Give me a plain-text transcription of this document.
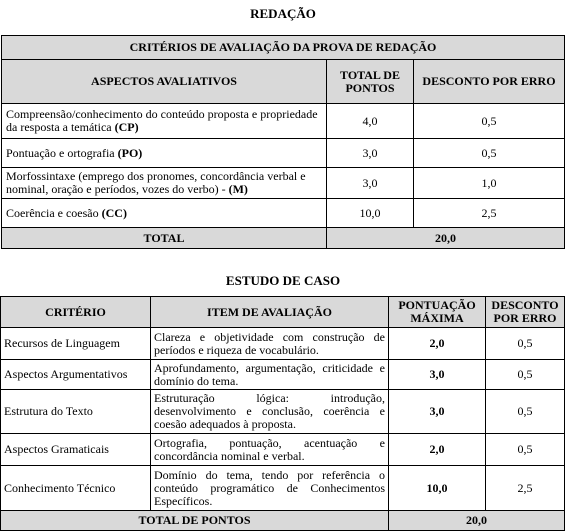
REDAÇÃO
CRITÉRIOS DE AVALIAÇÃO DA PROVA DE REDAÇÃO		
ASPECTOS AVALIATIVOS	TOTAL DE PONTOS	DESCONTO POR ERRO
Compreensão/conhecimento do conteúdo proposta e propriedade da resposta a temática (CP)	4,0	0,5
Pontuação e ortografia (PO)	3,0	0,5
Morfossintaxe (emprego dos pronomes, concordância verbal e nominal, oração e períodos, vozes do verbo) - (M)	3,0	1,0
Coerência e coesão (CC)	10,0	2,5
TOTAL	20,0	
ESTUDO DE CASO
CRITÉRIO	ITEM DE AVALIAÇÃO	PONTUAÇÃO MÁXIMA	DESCONTO POR ERRO
Recursos de Linguagem	Clareza e objetividade com construção de períodos e riqueza de vocabulário.	2,0	0,5
Aspectos Argumentativos	Aprofundamento, argumentação, criticidade e domínio do tema.	3,0	0,5
Estrutura do Texto	Estruturação lógica: introdução, desenvolvimento e conclusão, coerência e coesão adequados à proposta.	3,0	0,5
Aspectos Gramaticais	Ortografia, pontuação, acentuação e concordância nominal e verbal.	2,0	0,5
Conhecimento Técnico	Domínio do tema, tendo por referência o conteúdo programático de Conhecimentos Específicos.	10,0	2,5
TOTAL DE PONTOS		20,0	
